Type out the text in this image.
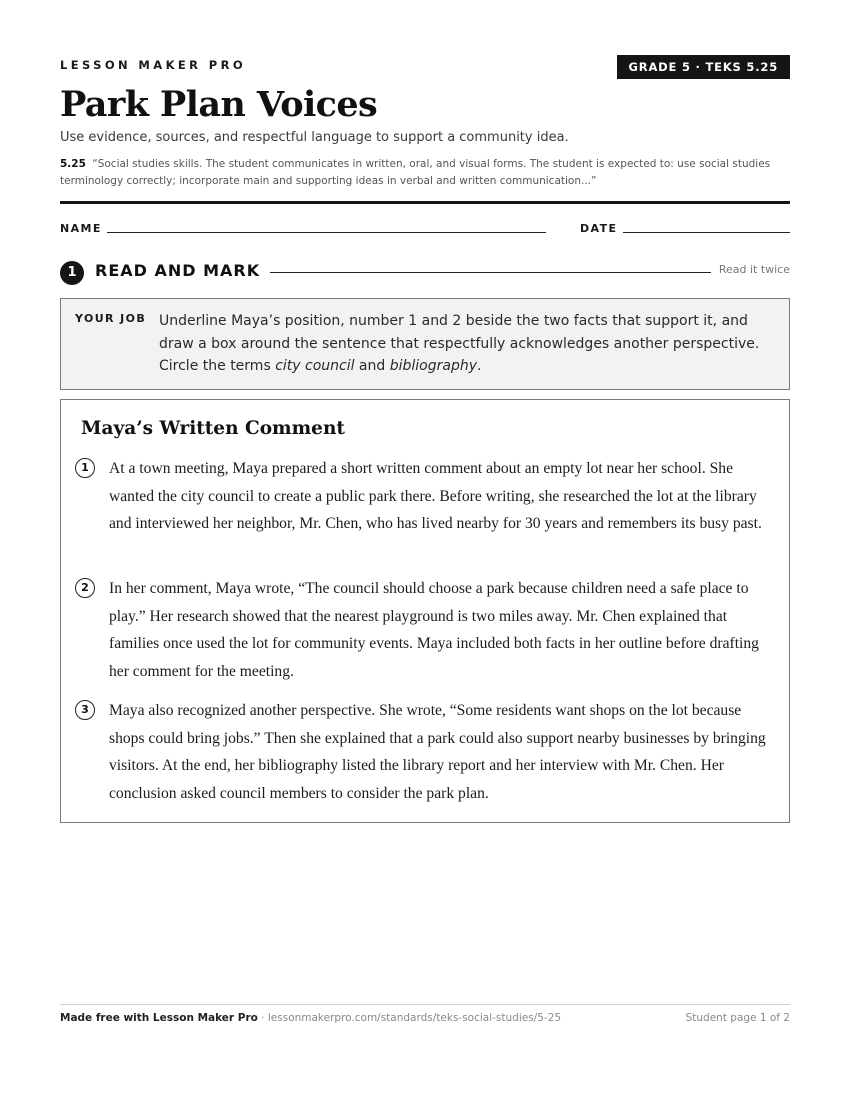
LESSON MAKER PRO	GRADE 5 · TEKS 5.25
Park Plan Voices
Use evidence, sources, and respectful language to support a community idea.
5.25 “Social studies skills. The student communicates in written, oral, and visual forms. The student is expected to: use social studies terminology correctly; incorporate main and supporting ideas in verbal and written communication...”
NAME	DATE
1	READ AND MARK	Read it twice
YOUR JOB Underline Maya’s position, number 1 and 2 beside the two facts that support it, and draw a box around the sentence that respectfully acknowledges another perspective. Circle the terms city council and bibliography.
Maya’s Written Comment
1	At a town meeting, Maya prepared a short written comment about an empty lot near her school. She wanted the city council to create a public park there. Before writing, she researched the lot at the library and interviewed her neighbor, Mr. Chen, who has lived nearby for 30 years and remembers its busy past.
2	In her comment, Maya wrote, “The council should choose a park because children need a safe place to play.” Her research showed that the nearest playground is two miles away. Mr. Chen explained that families once used the lot for community events. Maya included both facts in her outline before drafting her comment for the meeting.
3	Maya also recognized another perspective. She wrote, “Some residents want shops on the lot because shops could bring jobs.” Then she explained that a park could also support nearby businesses by bringing visitors. At the end, her bibliography listed the library report and her interview with Mr. Chen. Her conclusion asked council members to consider the park plan.
Made free with Lesson Maker Pro · lessonmakerpro.com/standards/teks-social-studies/5-25	Student page 1 of 2
